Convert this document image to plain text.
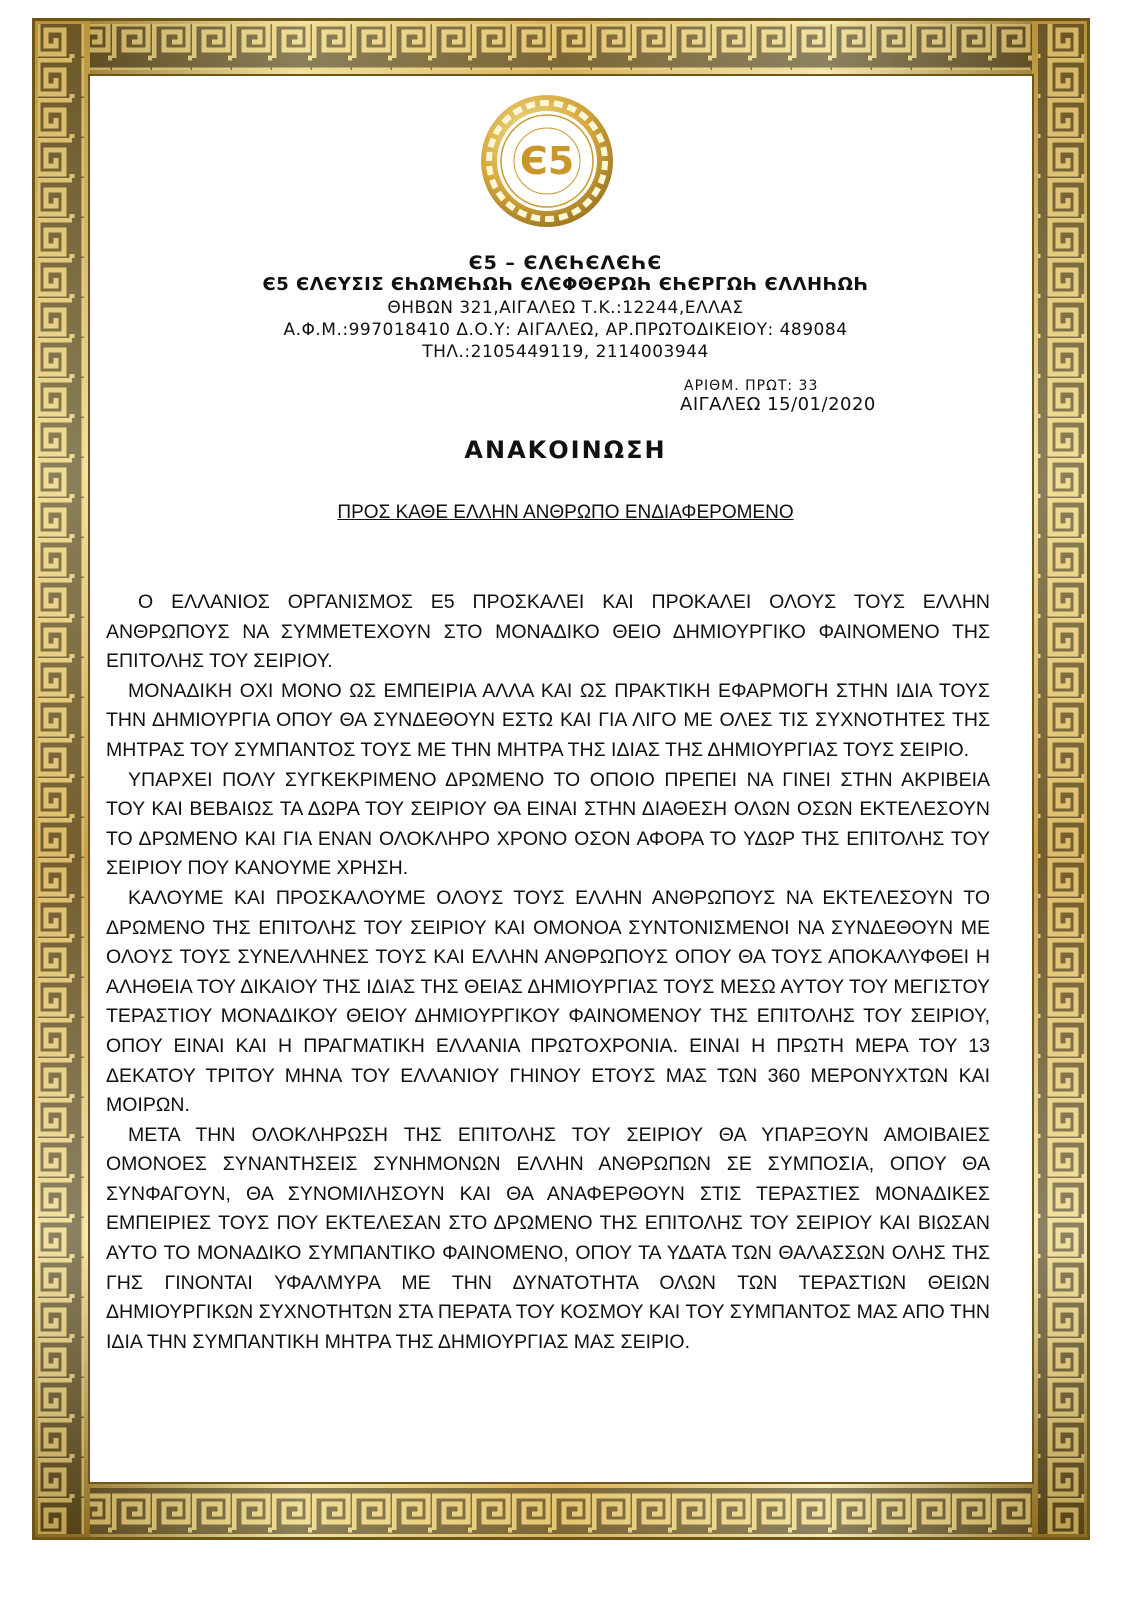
Є5
Є5 – ЄΛЄҺЄΛЄҺЄ
Є5 ЄΛЄΥΣΙΣ ЄҺΩΜЄҺΩҺ ЄΛЄΦΘЄΡΩҺ ЄҺЄΡΓΩҺ ЄΛΛΗҺΩҺ
ΘΗΒΩΝ 321,ΑΙΓΑΛΕΩ Τ.Κ.:12244,ΕΛΛΑΣ
Α.Φ.Μ.:997018410 Δ.Ο.Υ: ΑΙΓΑΛΕΩ, ΑΡ.ΠΡΩΤΟΔΙΚΕΙΟΥ: 489084
ΤΗΛ.:2105449119, 2114003944
ΑΡΙΘΜ. ΠΡΩΤ: 33
ΑΙΓΑΛΕΩ 15/01/2020
ΑΝΑΚΟΙΝΩΣΗ
ΠΡΟΣ ΚΑΘΕ ΕΛΛΗΝ ΑΝΘΡΩΠΟ ΕΝΔΙΑΦΕΡΟΜΕΝΟ

Ο ΕΛΛΑΝΙΟΣ ΟΡΓΑΝΙΣΜΟΣ Ε5 ΠΡΟΣΚΑΛΕΙ ΚΑΙ ΠΡΟΚΑΛΕΙ ΟΛΟΥΣ ΤΟΥΣ ΕΛΛΗΝ ΑΝΘΡΩΠΟΥΣ ΝΑ ΣΥΜΜΕΤΕΧΟΥΝ ΣΤΟ ΜΟΝΑΔΙΚΟ ΘΕΙΟ ΔΗΜΙΟΥΡΓΙΚΟ ΦΑΙΝΟΜΕΝΟ ΤΗΣ ΕΠΙΤΟΛΗΣ ΤΟΥ ΣΕΙΡΙΟΥ.

ΜΟΝΑΔΙΚΗ ΟΧΙ ΜΟΝΟ ΩΣ ΕΜΠΕΙΡΙΑ ΑΛΛΑ ΚΑΙ ΩΣ ΠΡΑΚΤΙΚΗ ΕΦΑΡΜΟΓΗ ΣΤΗΝ ΙΔΙΑ ΤΟΥΣ ΤΗΝ ΔΗΜΙΟΥΡΓΙΑ ΟΠΟΥ ΘΑ ΣΥΝΔΕΘΟΥΝ ΕΣΤΩ ΚΑΙ ΓΙΑ ΛΙΓΟ ΜΕ ΟΛΕΣ ΤΙΣ ΣΥΧΝΟΤΗΤΕΣ ΤΗΣ ΜΗΤΡΑΣ ΤΟΥ ΣΥΜΠΑΝΤΟΣ ΤΟΥΣ ΜΕ ΤΗΝ ΜΗΤΡΑ ΤΗΣ ΙΔΙΑΣ ΤΗΣ ΔΗΜΙΟΥΡΓΙΑΣ ΤΟΥΣ ΣΕΙΡΙΟ.

ΥΠΑΡΧΕΙ ΠΟΛΥ ΣΥΓΚΕΚΡΙΜΕΝΟ ΔΡΩΜΕΝΟ ΤΟ ΟΠΟΙΟ ΠΡΕΠΕΙ ΝΑ ΓΙΝΕΙ ΣΤΗΝ ΑΚΡΙΒΕΙΑ ΤΟΥ ΚΑΙ ΒΕΒΑΙΩΣ ΤΑ ΔΩΡΑ ΤΟΥ ΣΕΙΡΙΟΥ ΘΑ ΕΙΝΑΙ ΣΤΗΝ ΔΙΑΘΕΣΗ ΟΛΩΝ ΟΣΩΝ ΕΚΤΕΛΕΣΟΥΝ ΤΟ ΔΡΩΜΕΝΟ ΚΑΙ ΓΙΑ ΕΝΑΝ ΟΛΟΚΛΗΡΟ ΧΡΟΝΟ ΟΣΟΝ ΑΦΟΡΑ ΤΟ ΥΔΩΡ ΤΗΣ ΕΠΙΤΟΛΗΣ ΤΟΥ ΣΕΙΡΙΟΥ ΠΟΥ ΚΑΝΟΥΜΕ ΧΡΗΣΗ.

ΚΑΛΟΥΜΕ ΚΑΙ ΠΡΟΣΚΑΛΟΥΜΕ ΟΛΟΥΣ ΤΟΥΣ ΕΛΛΗΝ ΑΝΘΡΩΠΟΥΣ ΝΑ ΕΚΤΕΛΕΣΟΥΝ ΤΟ ΔΡΩΜΕΝΟ ΤΗΣ ΕΠΙΤΟΛΗΣ ΤΟΥ ΣΕΙΡΙΟΥ ΚΑΙ ΟΜΟΝΟΑ ΣΥΝΤΟΝΙΣΜΕΝΟΙ ΝΑ ΣΥΝΔΕΘΟΥΝ ΜΕ ΟΛΟΥΣ ΤΟΥΣ ΣΥΝΕΛΛΗΝΕΣ ΤΟΥΣ ΚΑΙ ΕΛΛΗΝ ΑΝΘΡΩΠΟΥΣ ΟΠΟΥ ΘΑ ΤΟΥΣ ΑΠΟΚΑΛΥΦΘΕΙ Η ΑΛΗΘΕΙΑ ΤΟΥ ΔΙΚΑΙΟΥ ΤΗΣ ΙΔΙΑΣ ΤΗΣ ΘΕΙΑΣ ΔΗΜΙΟΥΡΓΙΑΣ ΤΟΥΣ ΜΕΣΩ ΑΥΤΟΥ ΤΟΥ ΜΕΓΙΣΤΟΥ ΤΕΡΑΣΤΙΟΥ ΜΟΝΑΔΙΚΟΥ ΘΕΙΟΥ ΔΗΜΙΟΥΡΓΙΚΟΥ ΦΑΙΝΟΜΕΝΟΥ ΤΗΣ ΕΠΙΤΟΛΗΣ ΤΟΥ ΣΕΙΡΙΟΥ, ΟΠΟΥ ΕΙΝΑΙ ΚΑΙ Η ΠΡΑΓΜΑΤΙΚΗ ΕΛΛΑΝΙΑ ΠΡΩΤΟΧΡΟΝΙΑ. ΕΙΝΑΙ Η ΠΡΩΤΗ ΜΕΡΑ ΤΟΥ 13 ΔΕΚΑΤΟΥ ΤΡΙΤΟΥ ΜΗΝΑ ΤΟΥ ΕΛΛΑΝΙΟΥ ΓΗΙΝΟΥ ΕΤΟΥΣ ΜΑΣ ΤΩΝ 360 ΜΕΡΟΝΥΧΤΩΝ ΚΑΙ ΜΟΙΡΩΝ.

ΜΕΤΑ ΤΗΝ ΟΛΟΚΛΗΡΩΣΗ ΤΗΣ ΕΠΙΤΟΛΗΣ ΤΟΥ ΣΕΙΡΙΟΥ ΘΑ ΥΠΑΡΞΟΥΝ ΑΜΟΙΒΑΙΕΣ ΟΜΟΝΟΕΣ ΣΥΝΑΝΤΗΣΕΙΣ ΣΥΝΗΜΟΝΩΝ ΕΛΛΗΝ ΑΝΘΡΩΠΩΝ ΣΕ ΣΥΜΠΟΣΙΑ, ΟΠΟΥ ΘΑ ΣΥΝΦΑΓΟΥΝ, ΘΑ ΣΥΝΟΜΙΛΗΣΟΥΝ ΚΑΙ ΘΑ ΑΝΑΦΕΡΘΟΥΝ ΣΤΙΣ ΤΕΡΑΣΤΙΕΣ ΜΟΝΑΔΙΚΕΣ ΕΜΠΕΙΡΙΕΣ ΤΟΥΣ ΠΟΥ ΕΚΤΕΛΕΣΑΝ ΣΤΟ ΔΡΩΜΕΝΟ ΤΗΣ ΕΠΙΤΟΛΗΣ ΤΟΥ ΣΕΙΡΙΟΥ ΚΑΙ ΒΙΩΣΑΝ ΑΥΤΟ ΤΟ ΜΟΝΑΔΙΚΟ ΣΥΜΠΑΝΤΙΚΟ ΦΑΙΝΟΜΕΝΟ, ΟΠΟΥ ΤΑ ΥΔΑΤΑ ΤΩΝ ΘΑΛΑΣΣΩΝ ΟΛΗΣ ΤΗΣ ΓΗΣ ΓΙΝΟΝΤΑΙ ΥΦΑΛΜΥΡΑ ΜΕ ΤΗΝ ΔΥΝΑΤΟΤΗΤΑ ΟΛΩΝ ΤΩΝ ΤΕΡΑΣΤΙΩΝ ΘΕΙΩΝ ΔΗΜΙΟΥΡΓΙΚΩΝ ΣΥΧΝΟΤΗΤΩΝ ΣΤΑ ΠΕΡΑΤΑ ΤΟΥ ΚΟΣΜΟΥ ΚΑΙ ΤΟΥ ΣΥΜΠΑΝΤΟΣ ΜΑΣ ΑΠΟ ΤΗΝ ΙΔΙΑ ΤΗΝ ΣΥΜΠΑΝΤΙΚΗ ΜΗΤΡΑ ΤΗΣ ΔΗΜΙΟΥΡΓΙΑΣ ΜΑΣ ΣΕΙΡΙΟ.
